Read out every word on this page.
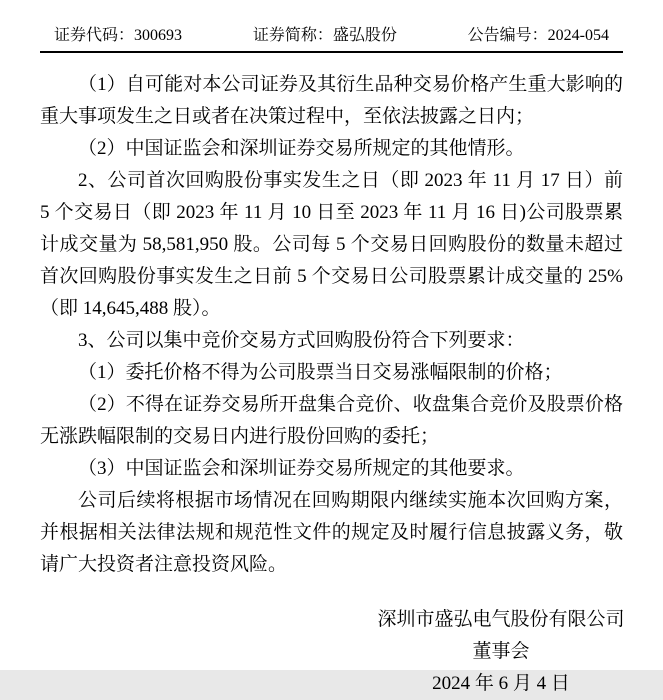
证券代码：300693	证券简称：盛弘股份	公告编号：2024-054

（1）自可能对本公司证券及其衍生品种交易价格产生重大影响的重大事项发生之日或者在决策过程中，至依法披露之日内；

（2）中国证监会和深圳证券交易所规定的其他情形。

2、公司首次回购股份事实发生之日（即 2023 年 11 月 17 日）前 5 个交易日（即 2023 年 11 月 10 日至 2023 年 11 月 16 日)公司股票累计成交量为 58,581,950 股。公司每 5 个交易日回购股份的数量未超过首次回购股份事实发生之日前 5 个交易日公司股票累计成交量的 25%（即 14,645,488 股）。

3、公司以集中竞价交易方式回购股份符合下列要求：

（1）委托价格不得为公司股票当日交易涨幅限制的价格；

（2）不得在证券交易所开盘集合竞价、收盘集合竞价及股票价格无涨跌幅限制的交易日内进行股份回购的委托；

（3）中国证监会和深圳证券交易所规定的其他要求。

公司后续将根据市场情况在回购期限内继续实施本次回购方案，并根据相关法律法规和规范性文件的规定及时履行信息披露义务，敬请广大投资者注意投资风险。

深圳市盛弘电气股份有限公司
董事会
2024 年 6 月 4 日
